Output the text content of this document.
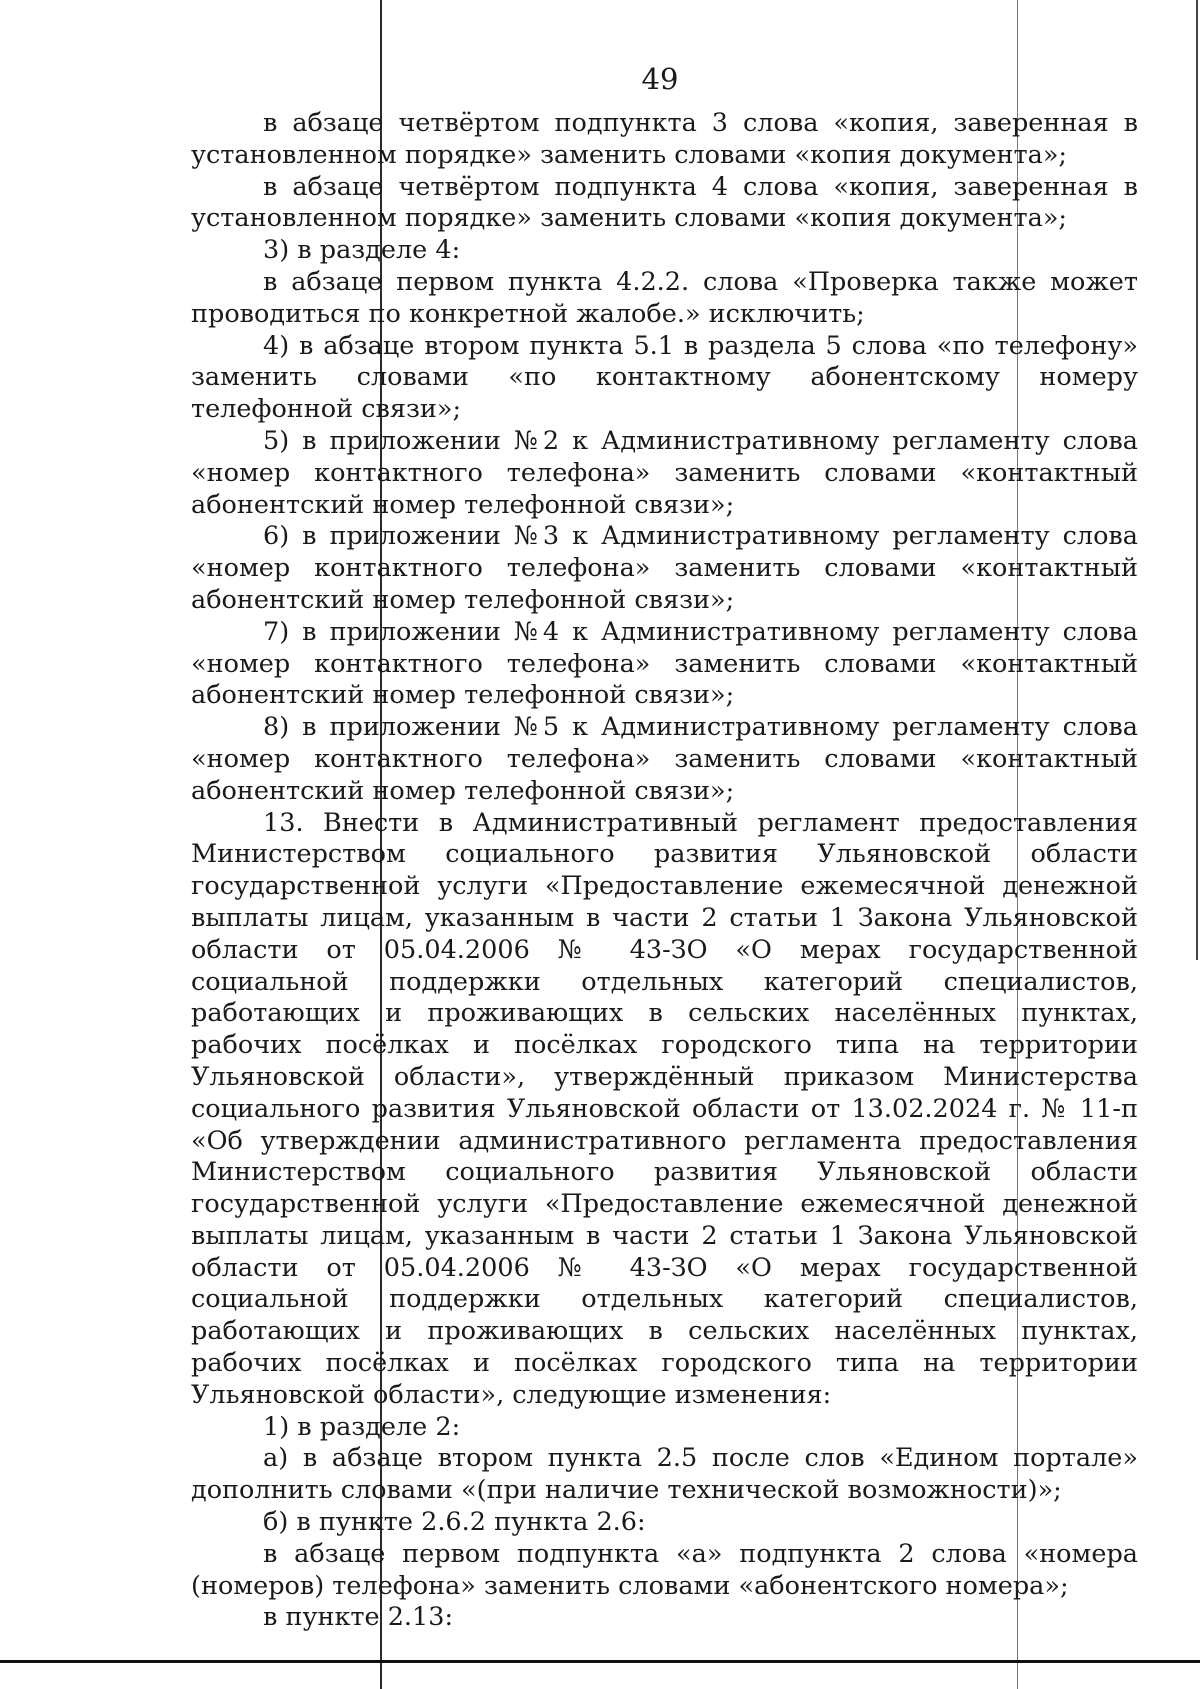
49

в абзаце четвёртом подпункта 3 слова «копия, заверенная в установленном порядке» заменить словами «копия документа»;

в абзаце четвёртом подпункта 4 слова «копия, заверенная в установленном порядке» заменить словами «копия документа»;

3) в разделе 4:

в абзаце первом пункта 4.2.2. слова «Проверка также может проводиться по конкретной жалобе.» исключить;

4) в абзаце втором пункта 5.1 в раздела 5 слова «по телефону» заменить словами «по контактному абонентскому номеру телефонной связи»;

5) в приложении №2 к Административному регламенту слова «номер контактного телефона» заменить словами «контактный абонентский номер телефонной связи»;

6) в приложении №3 к Административному регламенту слова «номер контактного телефона» заменить словами «контактный абонентский номер телефонной связи»;

7) в приложении №4 к Административному регламенту слова «номер контактного телефона» заменить словами «контактный абонентский номер телефонной связи»;

8) в приложении №5 к Административному регламенту слова «номер контактного телефона» заменить словами «контактный абонентский номер телефонной связи»;

13. Внести в Административный регламент предоставления Министерством социального развития Ульяновской области государственной услуги «Предоставление ежемесячной денежной выплаты лицам, указанным в части 2 статьи 1 Закона Ульяновской области от 05.04.2006 № 43-ЗО «О мерах государственной социальной поддержки отдельных категорий специалистов, работающих и проживающих в сельских населённых пунктах, рабочих посёлках и посёлках городского типа на территории Ульяновской области», утверждённый приказом Министерства социального развития Ульяновской области от 13.02.2024 г. № 11-п «Об утверждении административного регламента предоставления Министерством социального развития Ульяновской области государственной услуги «Предоставление ежемесячной денежной выплаты лицам, указанным в части 2 статьи 1 Закона Ульяновской области от 05.04.2006 № 43-ЗО «О мерах государственной социальной поддержки отдельных категорий специалистов, работающих и проживающих в сельских населённых пунктах, рабочих посёлках и посёлках городского типа на территории Ульяновской области», следующие изменения:

1) в разделе 2:

а) в абзаце втором пункта 2.5 после слов «Едином портале» дополнить словами «(при наличие технической возможности)»;

б) в пункте 2.6.2 пункта 2.6:

в абзаце первом подпункта «а» подпункта 2 слова «номера (номеров) телефона» заменить словами «абонентского номера»;

в пункте 2.13:
